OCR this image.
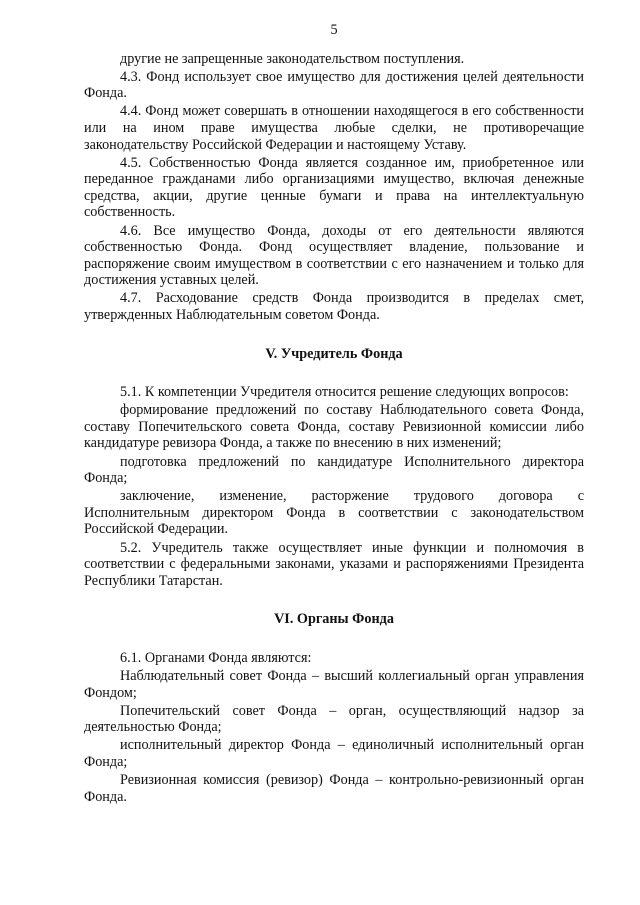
5

другие не запрещенные законодательством поступления.

4.3. Фонд использует свое имущество для достижения целей деятельности Фонда.

4.4. Фонд может совершать в отношении находящегося в его собственности или на ином праве имущества любые сделки, не противоречащие законодательству Российской Федерации и настоящему Уставу.

4.5. Собственностью Фонда является созданное им, приобретенное или переданное гражданами либо организациями имущество, включая денежные средства, акции, другие ценные бумаги и права на интеллектуальную собственность.

4.6. Все имущество Фонда, доходы от его деятельности являются собственностью Фонда. Фонд осуществляет владение, пользование и распоряжение своим имуществом в соответствии с его назначением и только для достижения уставных целей.

4.7. Расходование средств Фонда производится в пределах смет, утвержденных Наблюдательным советом Фонда.

V. Учредитель Фонда

5.1. К компетенции Учредителя относится решение следующих вопросов:

формирование предложений по составу Наблюдательного совета Фонда, составу Попечительского совета Фонда, составу Ревизионной комиссии либо кандидатуре ревизора Фонда, а также по внесению в них изменений;

подготовка предложений по кандидатуре Исполнительного директора Фонда;

заключение, изменение, расторжение трудового договора с Исполнительным директором Фонда в соответствии с законодательством Российской Федерации.

5.2. Учредитель также осуществляет иные функции и полномочия в соответствии с федеральными законами, указами и распоряжениями Президента Республики Татарстан.

VI. Органы Фонда

6.1. Органами Фонда являются:

Наблюдательный совет Фонда – высший коллегиальный орган управления Фондом;

Попечительский совет Фонда – орган, осуществляющий надзор за деятельностью Фонда;

исполнительный директор Фонда – единоличный исполнительный орган Фонда;

Ревизионная комиссия (ревизор) Фонда – контрольно-ревизионный орган Фонда.
